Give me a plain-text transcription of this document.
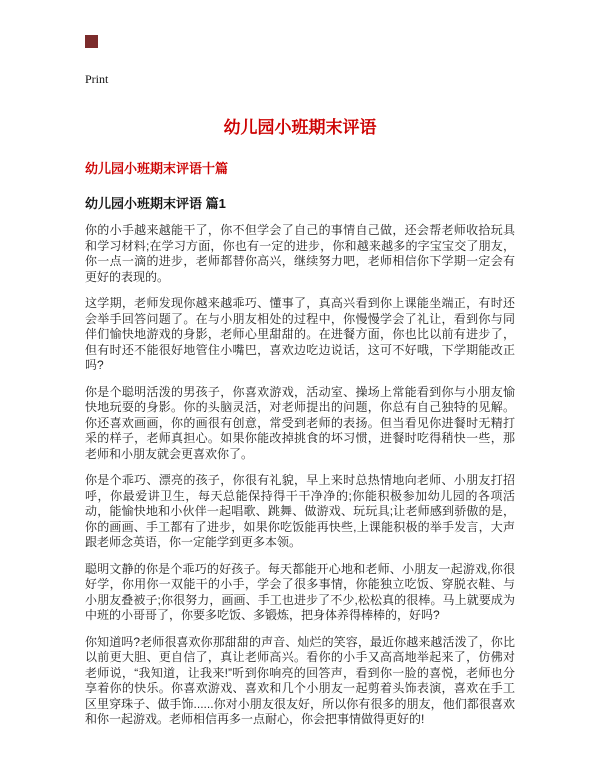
Print
幼儿园小班期末评语
幼儿园小班期末评语十篇
幼儿园小班期末评语 篇1

你的小手越来越能干了，你不但学会了自己的事情自己做，还会帮老师收拾玩具和学习材料;在学习方面，你也有一定的进步，你和越来越多的字宝宝交了朋友，你一点一滴的进步，老师都替你高兴，继续努力吧，老师相信你下学期一定会有更好的表现的。

这学期，老师发现你越来越乖巧、懂事了，真高兴看到你上课能坐端正，有时还会举手回答问题了。在与小朋友相处的过程中，你慢慢学会了礼让，看到你与同伴们愉快地游戏的身影，老师心里甜甜的。在进餐方面，你也比以前有进步了，但有时还不能很好地管住小嘴巴，喜欢边吃边说话，这可不好哦，下学期能改正吗?

你是个聪明活泼的男孩子，你喜欢游戏，活动室、操场上常能看到你与小朋友愉快地玩耍的身影。你的头脑灵活，对老师提出的问题，你总有自己独特的见解。你还喜欢画画，你的画很有创意，常受到老师的表扬。但当看见你进餐时无精打采的样子，老师真担心。如果你能改掉挑食的坏习惯，进餐时吃得稍快一些，那老师和小朋友就会更喜欢你了。

你是个乖巧、漂亮的孩子，你很有礼貌，早上来时总热情地向老师、小朋友打招呼，你最爱讲卫生，每天总能保持得干干净净的;你能积极参加幼儿园的各项活动，能愉快地和小伙伴一起唱歌、跳舞、做游戏、玩玩具;让老师感到骄傲的是，你的画画、手工都有了进步，如果你吃饭能再快些,上课能积极的举手发言，大声跟老师念英语，你一定能学到更多本领。

聪明文静的你是个乖巧的好孩子。每天都能开心地和老师、小朋友一起游戏,你很好学，你用你一双能干的小手，学会了很多事情，你能独立吃饭、穿脱衣鞋、与小朋友叠被子;你很努力，画画、手工也进步了不少,松松真的很棒。马上就要成为中班的小哥哥了，你要多吃饭、多锻炼，把身体养得棒棒的，好吗?

你知道吗?老师很喜欢你那甜甜的声音、灿烂的笑容，最近你越来越活泼了，你比以前更大胆、更自信了，真让老师高兴。看你的小手又高高地举起来了，仿佛对老师说，“我知道，让我来!”听到你响亮的回答声，看到你一脸的喜悦，老师也分享着你的快乐。你喜欢游戏、喜欢和几个小朋友一起剪着头饰表演，喜欢在手工区里穿珠子、做手饰......你对小朋友很友好，所以你有很多的朋友，他们都很喜欢和你一起游戏。老师相信再多一点耐心，你会把事情做得更好的!
